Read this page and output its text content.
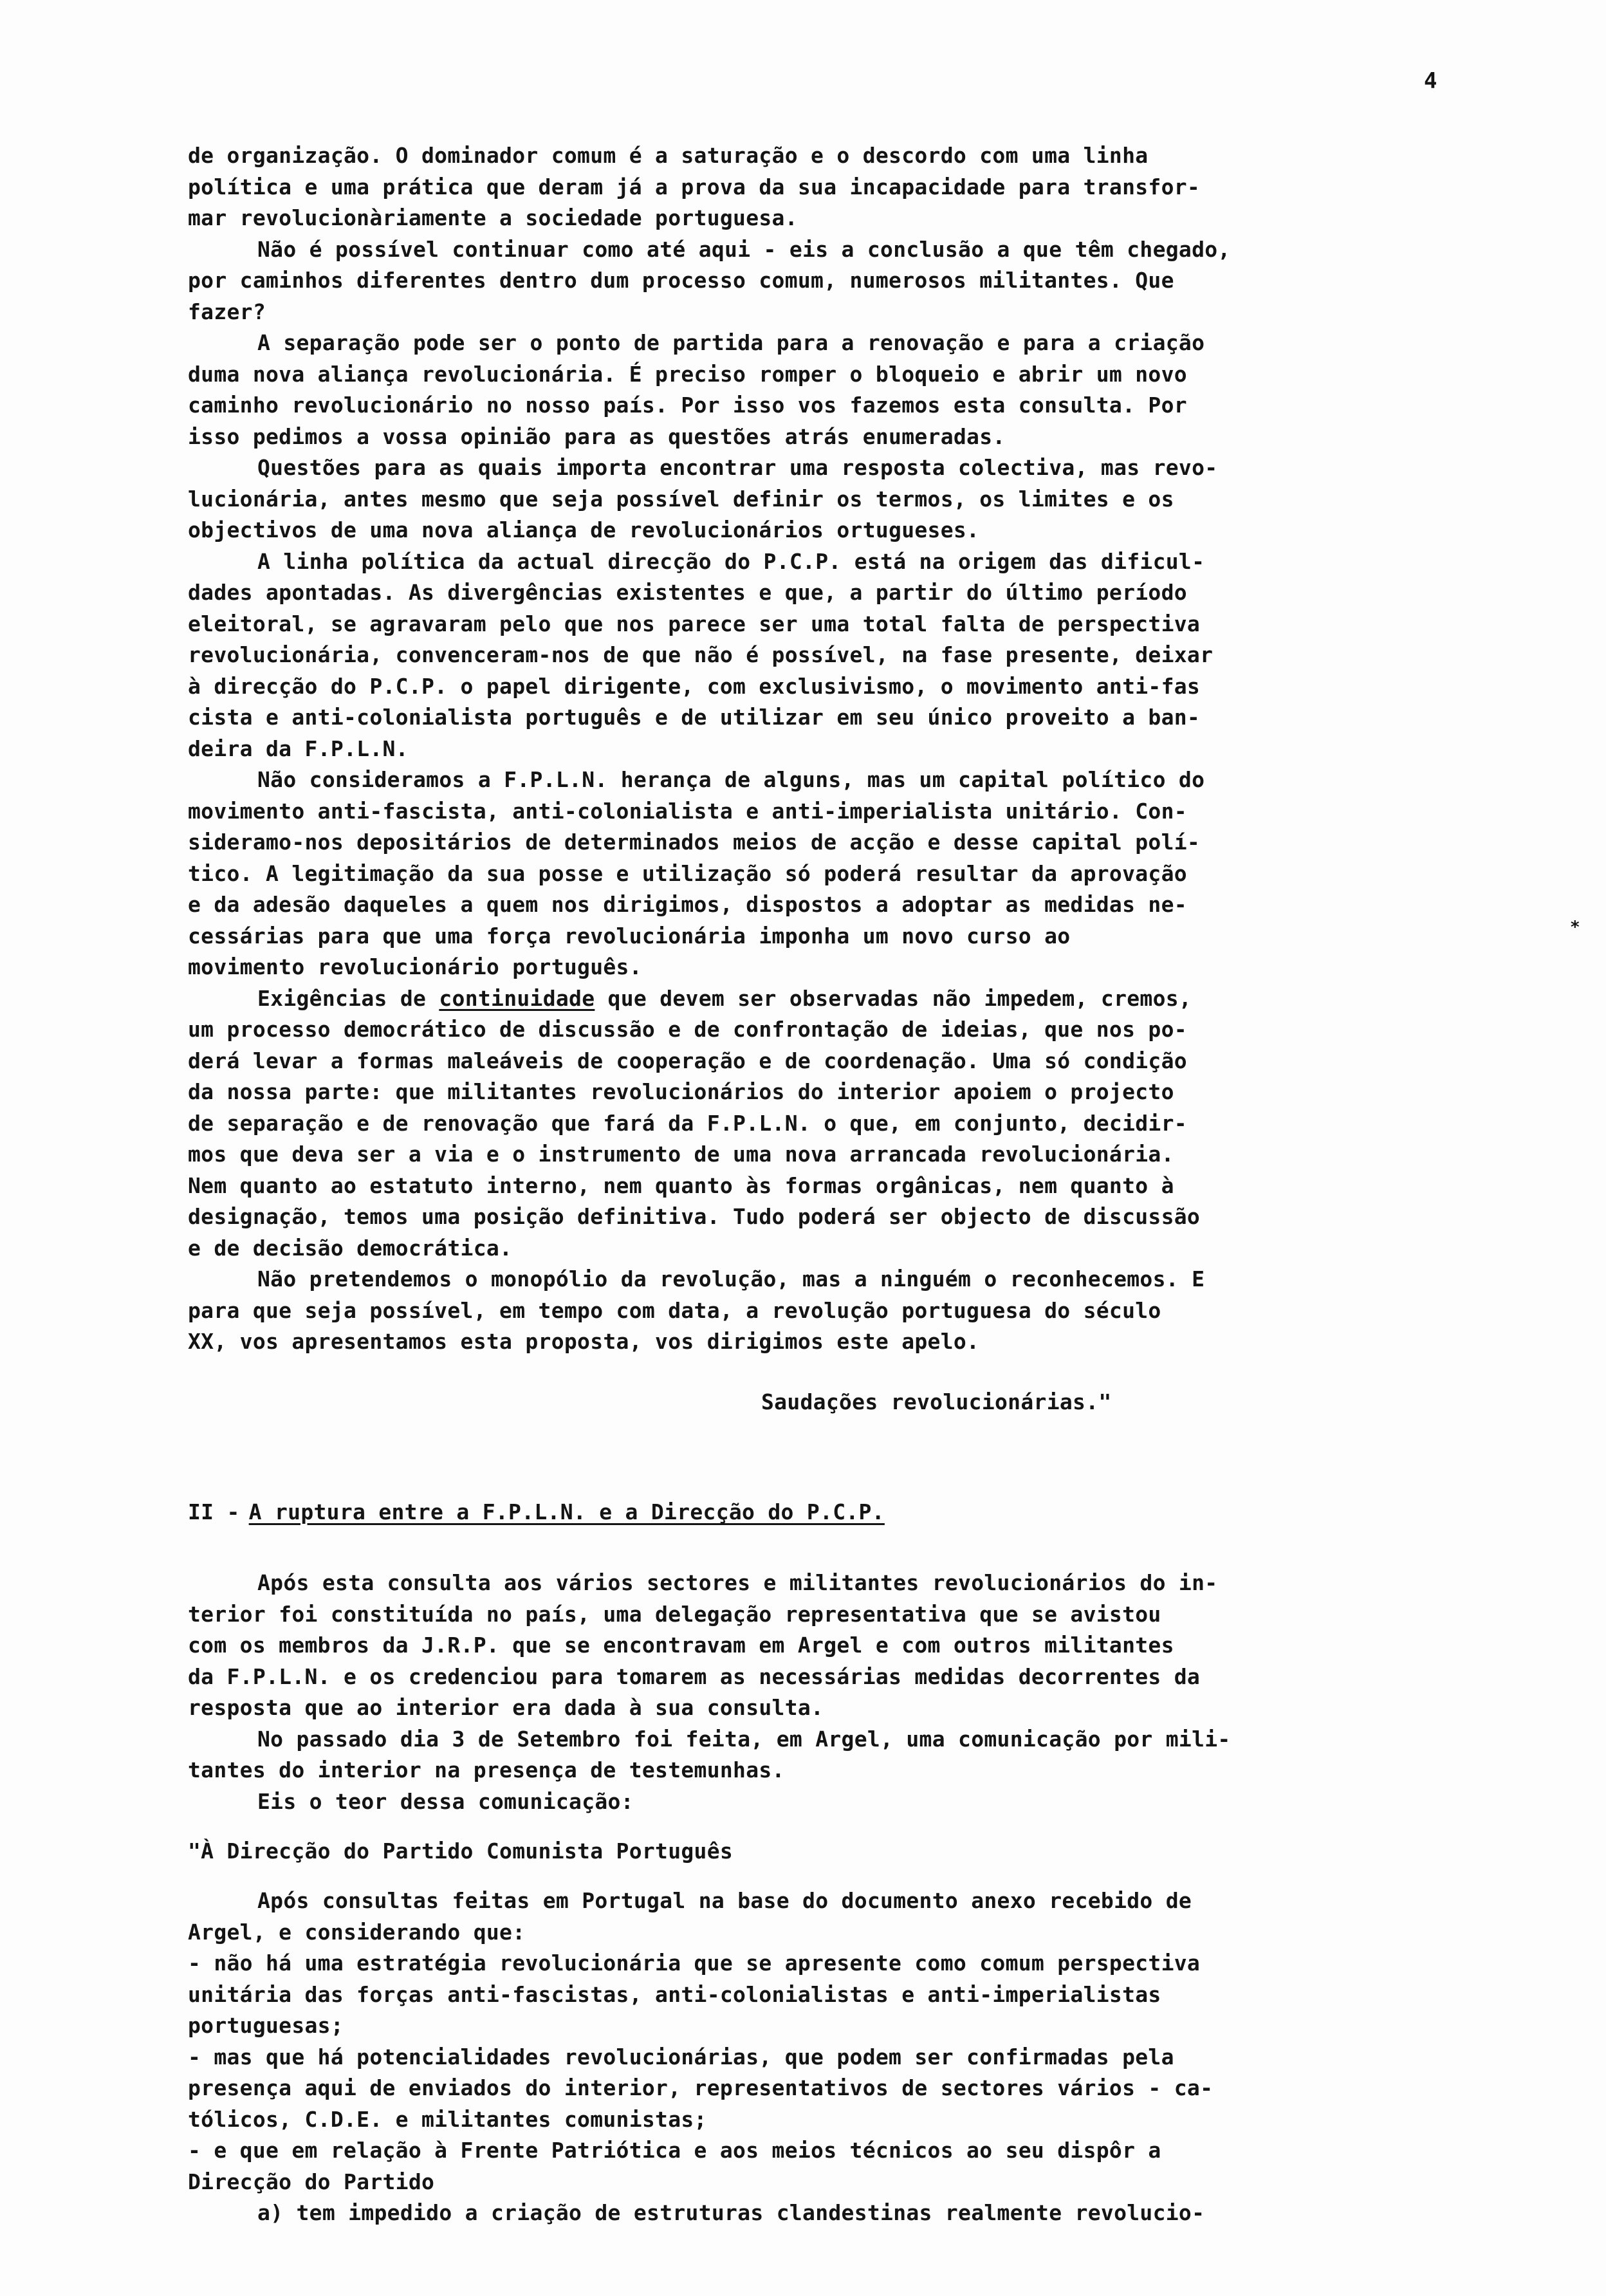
4
*
de organização. O dominador comum é a saturação e o descordo com uma linha
política e uma prática que deram já a prova da sua incapacidade para transfor-
mar revolucionàriamente a sociedade portuguesa.
Não é possível continuar como até aqui - eis a conclusão a que têm chegado,
por caminhos diferentes dentro dum processo comum, numerosos militantes. Que
fazer?
A separação pode ser o ponto de partida para a renovação e para a criação
duma nova aliança revolucionária. É preciso romper o bloqueio e abrir um novo
caminho revolucionário no nosso país. Por isso vos fazemos esta consulta. Por
isso pedimos a vossa opinião para as questões atrás enumeradas.
Questões para as quais importa encontrar uma resposta colectiva, mas revo-
lucionária, antes mesmo que seja possível definir os termos, os limites e os
objectivos de uma nova aliança de revolucionários ortugueses.
A linha política da actual direcção do P.C.P. está na origem das dificul-
dades apontadas. As divergências existentes e que, a partir do último período
eleitoral, se agravaram pelo que nos parece ser uma total falta de perspectiva
revolucionária, convenceram-nos de que não é possível, na fase presente, deixar
à direcção do P.C.P. o papel dirigente, com exclusivismo, o movimento anti-fas
cista e anti-colonialista português e de utilizar em seu único proveito a ban-
deira da F.P.L.N.
Não consideramos a F.P.L.N. herança de alguns, mas um capital político do
movimento anti-fascista, anti-colonialista e anti-imperialista unitário. Con-
sideramo-nos depositários de determinados meios de acção e desse capital polí-
tico. A legitimação da sua posse e utilização só poderá resultar da aprovação
e da adesão daqueles a quem nos dirigimos, dispostos a adoptar as medidas ne-
cessárias para que uma força revolucionária imponha um novo curso ao
movimento revolucionário português.
Exigências de continuidade que devem ser observadas não impedem, cremos,
um processo democrático de discussão e de confrontação de ideias, que nos po-
derá levar a formas maleáveis de cooperação e de coordenação. Uma só condição
da nossa parte: que militantes revolucionários do interior apoiem o projecto
de separação e de renovação que fará da F.P.L.N. o que, em conjunto, decidir-
mos que deva ser a via e o instrumento de uma nova arrancada revolucionária.
Nem quanto ao estatuto interno, nem quanto às formas orgânicas, nem quanto à
designação, temos uma posição definitiva. Tudo poderá ser objecto de discussão
e de decisão democrática.
Não pretendemos o monopólio da revolução, mas a ninguém o reconhecemos. E
para que seja possível, em tempo com data, a revolução portuguesa do século
XX, vos apresentamos esta proposta, vos dirigimos este apelo.
Saudações revolucionárias."
II - A ruptura entre a F.P.L.N. e a Direcção do P.C.P.
Após esta consulta aos vários sectores e militantes revolucionários do in-
terior foi constituída no país, uma delegação representativa que se avistou
com os membros da J.R.P. que se encontravam em Argel e com outros militantes
da F.P.L.N. e os credenciou para tomarem as necessárias medidas decorrentes da
resposta que ao interior era dada à sua consulta.
No passado dia 3 de Setembro foi feita, em Argel, uma comunicação por mili-
tantes do interior na presença de testemunhas.
Eis o teor dessa comunicação:
"À Direcção do Partido Comunista Português
Após consultas feitas em Portugal na base do documento anexo recebido de
Argel, e considerando que:
- não há uma estratégia revolucionária que se apresente como comum perspectiva
unitária das forças anti-fascistas, anti-colonialistas e anti-imperialistas
portuguesas;
- mas que há potencialidades revolucionárias, que podem ser confirmadas pela
presença aqui de enviados do interior, representativos de sectores vários - ca-
tólicos, C.D.E. e militantes comunistas;
- e que em relação à Frente Patriótica e aos meios técnicos ao seu dispôr a
Direcção do Partido
a) tem impedido a criação de estruturas clandestinas realmente revolucio-
